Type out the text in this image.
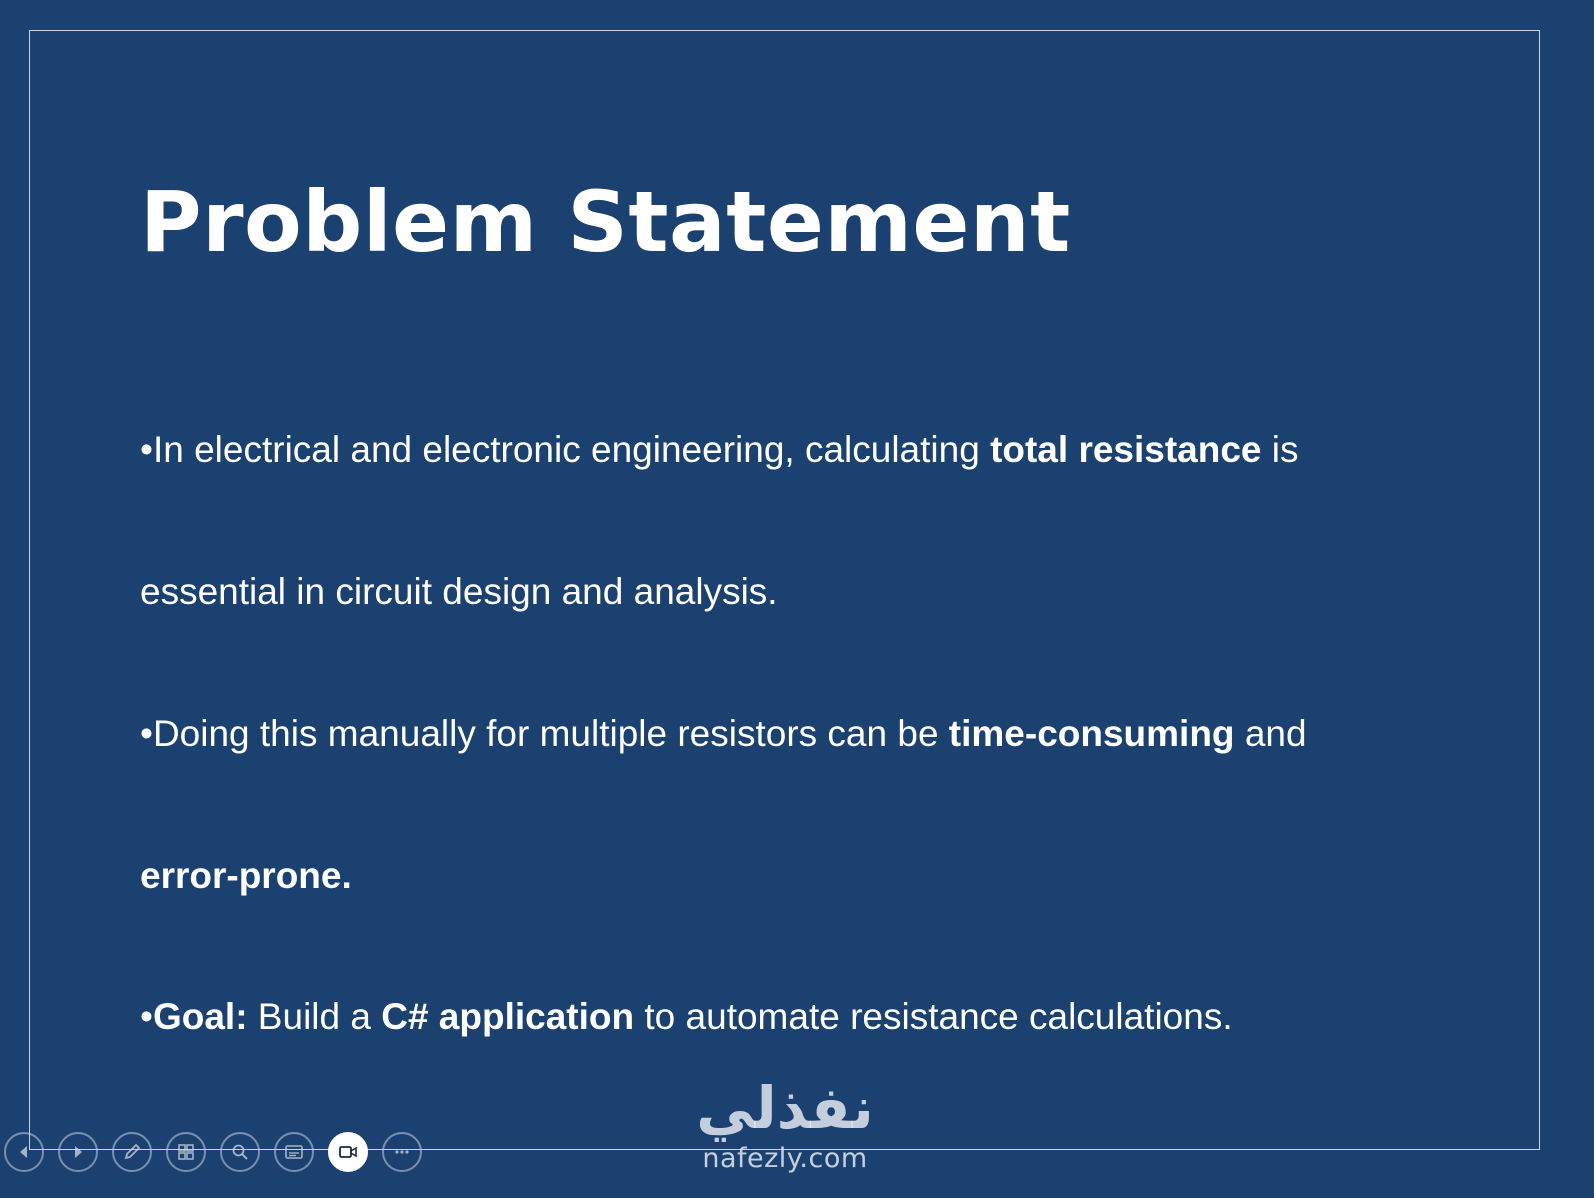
Problem Statement

•In electrical and electronic engineering, calculating total resistance is

essential in circuit design and analysis.

•Doing this manually for multiple resistors can be time-consuming and

error-prone.

•Goal: Build a C# application to automate resistance calculations.

نفذلي
nafezly.com
